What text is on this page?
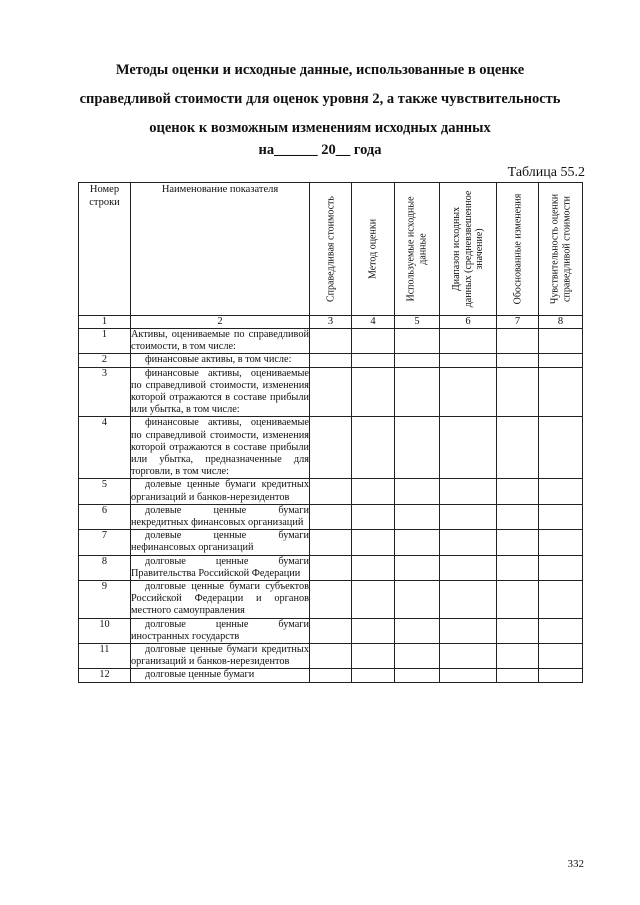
Методы оценки и исходные данные, использованные в оценке
справедливой стоимости для оценок уровня 2, а также чувствительность
оценок к возможным изменениям исходных данных
на______ 20__ года
Таблица 55.2
Номер строки	Наименование показателя	Справедливая стоимость	Метод оценки	Используемые исходные данные	Диапазон исходных данных (средневзвешенное значение)	Обоснованные изменения	Чувствительность оценки справедливой стоимости

1	2	3	4	5	6	7	8
1	Активы, оцениваемые по справедливой стоимости, в том числе:						
2	финансовые активы, в том числе:						
3	финансовые активы, оцениваемые по справедливой стоимости, изменения которой отражаются в составе прибыли или убытка, в том числе:						
4	финансовые активы, оцениваемые по справедливой стоимости, изменения которой отражаются в составе прибыли или убытка, предназначенные для торговли, в том числе:						
5	долевые ценные бумаги кредитных организаций и банков-нерезидентов						
6	долевые ценные бумаги некредитных финансовых организаций						
7	долевые ценные бумаги нефинансовых организаций						
8	долговые ценные бумаги Правительства Российской Федерации						
9	долговые ценные бумаги субъектов Российской Федерации и органов местного самоуправления						
10	долговые ценные бумаги иностранных государств						
11	долговые ценные бумаги кредитных организаций и банков-нерезидентов						
12	долговые ценные бумаги						
332
